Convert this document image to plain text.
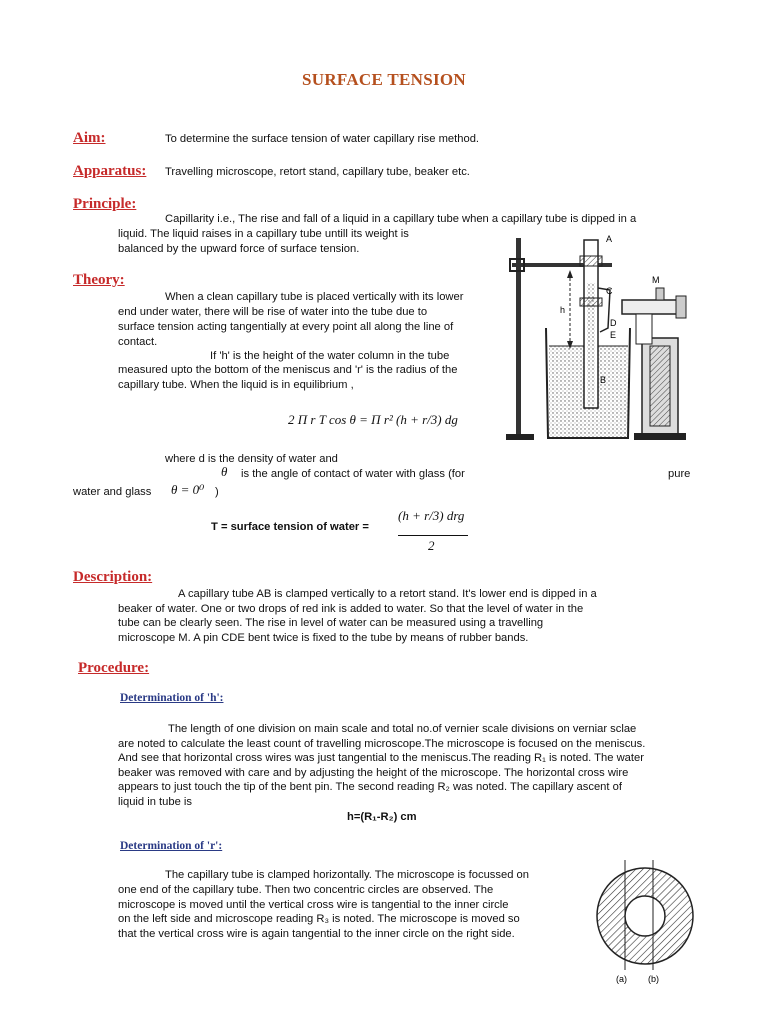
SURFACE TENSION
Aim:	To determine the surface tension of water capillary rise method.
Apparatus: Travelling microscope, retort stand, capillary tube, beaker etc.
Principle:
Capillarity i.e., The rise and fall of a liquid in a capillary tube when a capillary tube is dipped in a
liquid. The liquid raises in a capillary tube untill its weight is
balanced by the upward force of surface tension.
Theory:
When a clean capillary tube is placed vertically with its lower
end under water, there will be rise of water into the tube due to
surface tension acting tangentially at every point all along the line of
contact.
If 'h' is the height of the water column in the tube
measured upto the bottom of the meniscus and 'r' is the radius of the
capillary tube. When the liquid is in equilibrium ,
2 Π r T cos θ = Π r² (h + r/3) dg
where d is the density of water and
θ is the angle of contact of water with glass (for	pure
water and glass θ = 0⁰ )
T = surface tension of water =
(h + r/3) drg
2
Description:
A capillary tube AB is clamped vertically to a retort stand. It's lower end is dipped in a
beaker of water. One or two drops of red ink is added to water. So that the level of water in the
tube can be clearly seen. The rise in level of water can be measured using a travelling
microscope M. A pin CDE bent twice is fixed to the tube by means of rubber bands.
Procedure:
Determination of 'h':
The length of one division on main scale and total no.of vernier scale divisions on verniar sclae
are noted to calculate the least count of travelling microscope.The microscope is focused on the meniscus.
And see that horizontal cross wires was just tangential to the meniscus.The reading R₁ is noted. The water
beaker was removed with care and by adjusting the height of the microscope. The horizontal cross wire
appears to just touch the tip of the bent pin. The second reading R₂ was noted. The capillary ascent of
liquid in tube is
h=(R₁-R₂) cm
Determination of 'r':
The capillary tube is clamped horizontally. The microscope is focussed on
one end of the capillary tube. Then two concentric circles are observed. The
microscope is moved until the vertical cross wire is tangential to the inner circle
on the left side and microscope reading R₃ is noted. The microscope is moved so
that the vertical cross wire is again tangential to the inner circle on the right side.
A
C
D
E
B
h
M
(a) (b)
